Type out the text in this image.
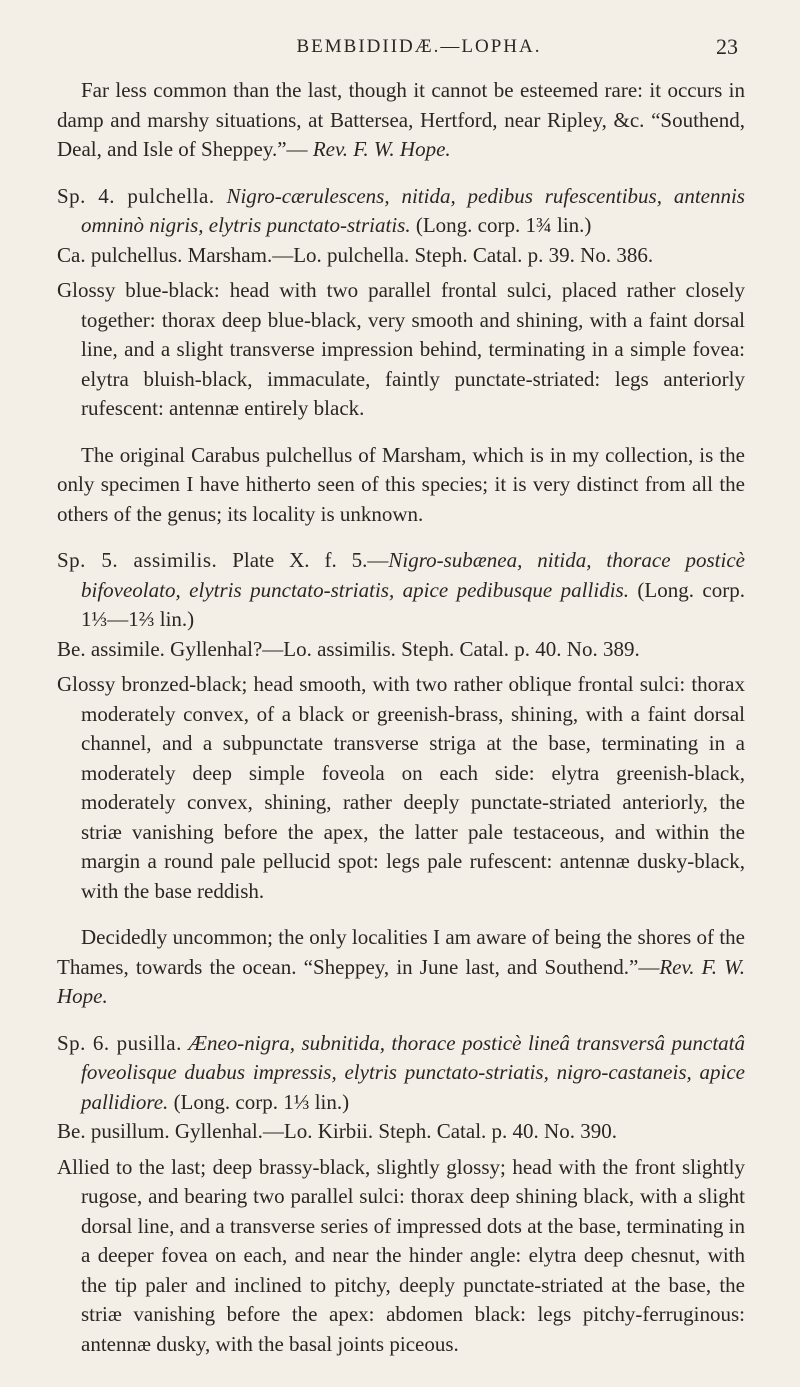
BEMBIDIIDÆ.—LOPHA.	23

Far less common than the last, though it cannot be esteemed rare: it occurs in damp and marshy situations, at Battersea, Hertford, near Ripley, &c. “Southend, Deal, and Isle of Sheppey.”— Rev. F. W. Hope.

Sp. 4. pulchella. Nigro-cærulescens, nitida, pedibus rufescentibus, antennis omninò nigris, elytris punctato-striatis. (Long. corp. 1¾ lin.)

Ca. pulchellus. Marsham.—Lo. pulchella. Steph. Catal. p. 39. No. 386.

Glossy blue-black: head with two parallel frontal sulci, placed rather closely together: thorax deep blue-black, very smooth and shining, with a faint dorsal line, and a slight transverse impression behind, terminating in a simple fovea: elytra bluish-black, immaculate, faintly punctate-striated: legs anteriorly rufescent: antennæ entirely black.

The original Carabus pulchellus of Marsham, which is in my collection, is the only specimen I have hitherto seen of this species; it is very distinct from all the others of the genus; its locality is unknown.

Sp. 5. assimilis. Plate X. f. 5.—Nigro-subænea, nitida, thorace posticè bifoveolato, elytris punctato-striatis, apice pedibusque pallidis. (Long. corp. 1⅓—1⅔ lin.)

Be. assimile. Gyllenhal?—Lo. assimilis. Steph. Catal. p. 40. No. 389.

Glossy bronzed-black; head smooth, with two rather oblique frontal sulci: thorax moderately convex, of a black or greenish-brass, shining, with a faint dorsal channel, and a subpunctate transverse striga at the base, terminating in a moderately deep simple foveola on each side: elytra greenish-black, moderately convex, shining, rather deeply punctate-striated anteriorly, the striæ vanishing before the apex, the latter pale testaceous, and within the margin a round pale pellucid spot: legs pale rufescent: antennæ dusky-black, with the base reddish.

Decidedly uncommon; the only localities I am aware of being the shores of the Thames, towards the ocean. “Sheppey, in June last, and Southend.”—Rev. F. W. Hope.

Sp. 6. pusilla. Æneo-nigra, subnitida, thorace posticè lineâ transversâ punctatâ foveolisque duabus impressis, elytris punctato-striatis, nigro-castaneis, apice pallidiore. (Long. corp. 1⅓ lin.)

Be. pusillum. Gyllenhal.—Lo. Kirbii. Steph. Catal. p. 40. No. 390.

Allied to the last; deep brassy-black, slightly glossy; head with the front slightly rugose, and bearing two parallel sulci: thorax deep shining black, with a slight dorsal line, and a transverse series of impressed dots at the base, terminating in a deeper fovea on each, and near the hinder angle: elytra deep chesnut, with the tip paler and inclined to pitchy, deeply punctate-striated at the base, the striæ vanishing before the apex: abdomen black: legs pitchy-ferruginous: antennæ dusky, with the basal joints piceous.
